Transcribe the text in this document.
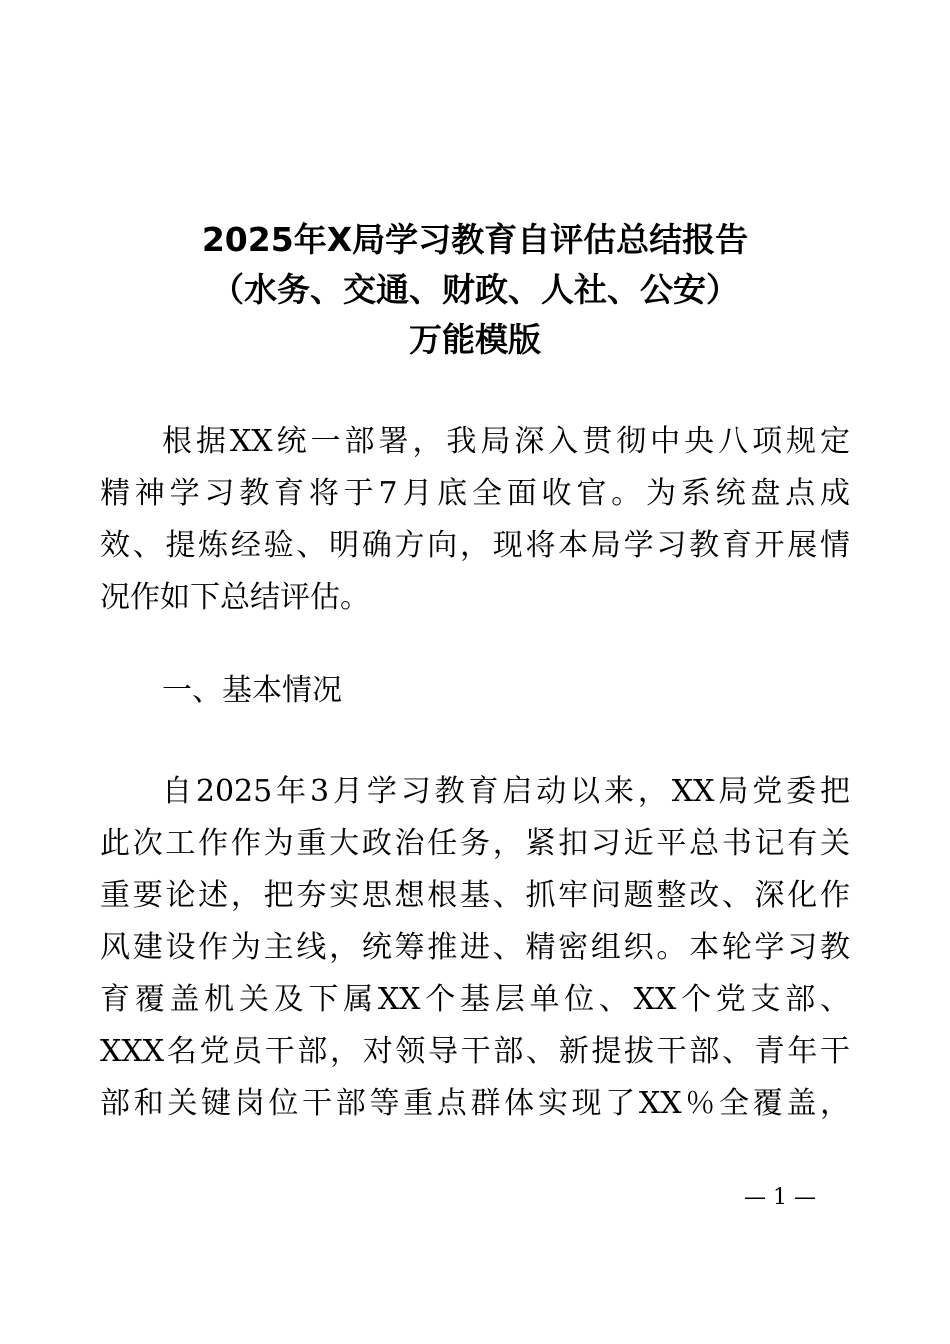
2025年X局学习教育自评估总结报告
（水务、交通、财政、人社、公安）
万能模版
根据XX统一部署，我局深入贯彻中央八项规定
精神学习教育将于7月底全面收官。为系统盘点成
效、提炼经验、明确方向，现将本局学习教育开展情
况作如下总结评估。
一、基本情况
自2025年3月学习教育启动以来，XX局党委把
此次工作作为重大政治任务，紧扣习近平总书记有关
重要论述，把夯实思想根基、抓牢问题整改、深化作
风建设作为主线，统筹推进、精密组织。本轮学习教
育覆盖机关及下属XX个基层单位、XX个党支部、
XXX名党员干部，对领导干部、新提拔干部、青年干
部和关键岗位干部等重点群体实现了XX％全覆盖，
— 1 —
